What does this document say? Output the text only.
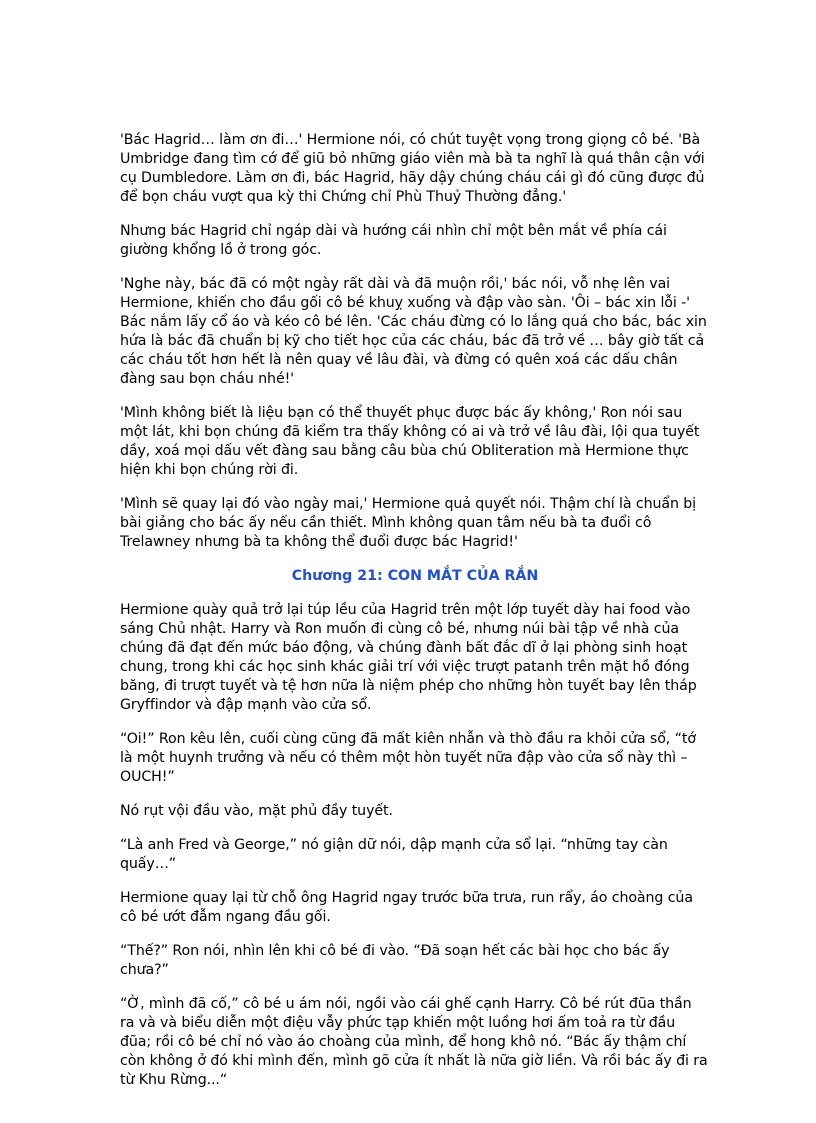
'Bác Hagrid… làm ơn đi…' Hermione nói, có chút tuyệt vọng trong giọng cô bé. 'Bà Umbridge đang tìm cớ để giũ bỏ những giáo viên mà bà ta nghĩ là quá thân cận với cụ Dumbledore. Làm ơn đi, bác Hagrid, hãy dậy chúng cháu cái gì đó cũng được đủ để bọn cháu vượt qua kỳ thi Chứng chỉ Phù Thuỷ Thường đẳng.'

Nhưng bác Hagrid chỉ ngáp dài và hướng cái nhìn chỉ một bên mắt về phía cái giường khổng lồ ở trong góc.

'Nghe này, bác đã có một ngày rất dài và đã muộn rồi,' bác nói, vỗ nhẹ lên vai Hermione, khiến cho đầu gối cô bé khuỵ xuống và đập vào sàn. 'Ôi – bác xin lỗi -' Bác nắm lấy cổ áo và kéo cô bé lên. 'Các cháu đừng có lo lắng quá cho bác, bác xin hứa là bác đã chuẩn bị kỹ cho tiết học của các cháu, bác đã trở về … bây giờ tất cả các cháu tốt hơn hết là nên quay về lâu đài, và đừng có quên xoá các dấu chân đàng sau bọn cháu nhé!'

'Mình không biết là liệu bạn có thể thuyết phục được bác ấy không,' Ron nói sau một lát, khi bọn chúng đã kiểm tra thấy không có ai và trở về lâu đài, lội qua tuyết dầy, xoá mọi dấu vết đàng sau bằng câu bùa chú Obliteration mà Hermione thực hiện khi bọn chúng rời đi.

'Mình sẽ quay lại đó vào ngày mai,' Hermione quả quyết nói. Thậm chí là chuẩn bị bài giảng cho bác ấy nếu cần thiết. Mình không quan tâm nếu bà ta đuổi cô Trelawney nhưng bà ta không thể đuổi được bác Hagrid!'

Chương 21: CON MẮT CỦA RẮN

Hermione quày quả trở lại túp lều của Hagrid trên một lớp tuyết dày hai food vào sáng Chủ nhật. Harry và Ron muốn đi cùng cô bé, nhưng núi bài tập về nhà của chúng đã đạt đến mức báo động, và chúng đành bất đắc dĩ ở lại phòng sinh hoạt chung, trong khi các học sinh khác giải trí với việc trượt patanh trên mặt hồ đóng băng, đi trượt tuyết và tệ hơn nữa là niệm phép cho những hòn tuyết bay lên tháp Gryffindor và đập mạnh vào cửa sổ.

“Oi!” Ron kêu lên, cuối cùng cũng đã mất kiên nhẫn và thò đầu ra khỏi cửa sổ, “tớ là một huynh trưởng và nếu có thêm một hòn tuyết nữa đập vào cửa sổ này thì – OUCH!”

Nó rụt vội đầu vào, mặt phủ đầy tuyết.

“Là anh Fred và George,” nó giận dữ nói, dập mạnh cửa sổ lại. “những tay càn quấy…”

Hermione quay lại từ chỗ ông Hagrid ngay trước bữa trưa, run rẩy, áo choàng của cô bé ướt đẫm ngang đầu gối.

“Thế?” Ron nói, nhìn lên khi cô bé đi vào. “Đã soạn hết các bài học cho bác ấy chưa?”

“Ờ, mình đã cố,” cô bé u ám nói, ngồi vào cái ghế cạnh Harry. Cô bé rút đũa thần ra và và biểu diễn một điệu vẫy phức tạp khiến một luồng hơi ấm toả ra từ đầu đũa; rồi cô bé chỉ nó vào áo choàng của mình, để hong khô nó. “Bác ấy thậm chí còn không ở đó khi mình đến, mình gõ cửa ít nhất là nữa giờ liền. Và rồi bác ấy đi ra từ Khu Rừng...“
